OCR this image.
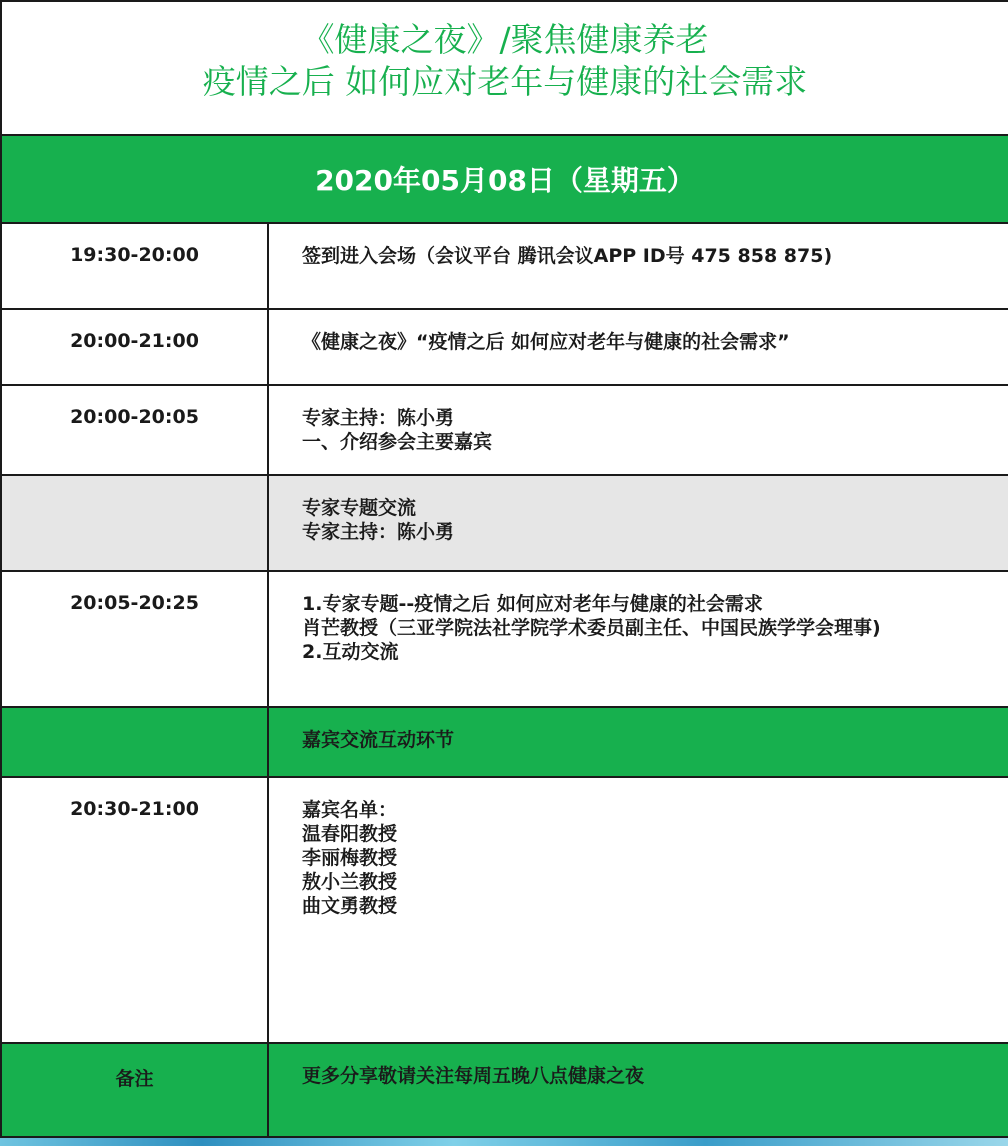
《健康之夜》/聚焦健康养老
疫情之后 如何应对老年与健康的社会需求
2020年05月08日（星期五）
19:30-20:00	签到进入会场（会议平台 腾讯会议APP ID号 475 858 875)
20:00-21:00	《健康之夜》“疫情之后 如何应对老年与健康的社会需求”
20:00-20:05	专家主持：陈小勇
一、介绍参会主要嘉宾
专家专题交流
专家主持：陈小勇
20:05-20:25	1.专家专题--疫情之后 如何应对老年与健康的社会需求
肖芒教授（三亚学院法社学院学术委员副主任、中国民族学学会理事)
2.互动交流
嘉宾交流互动环节
20:30-21:00	嘉宾名单：
温春阳教授
李丽梅教授
敖小兰教授
曲文勇教授
备注	更多分享敬请关注每周五晚八点健康之夜
